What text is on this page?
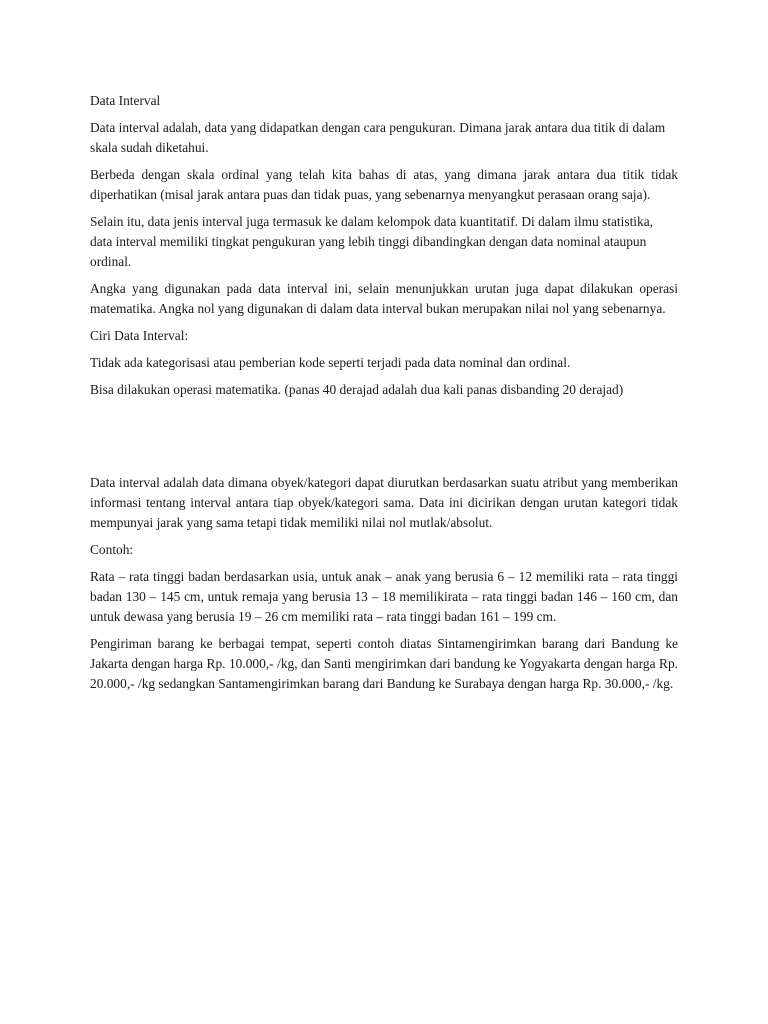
Data Interval

Data interval adalah, data yang didapatkan dengan cara pengukuran. Dimana jarak antara dua titik di dalam skala sudah diketahui.

Berbeda dengan skala ordinal yang telah kita bahas di atas, yang dimana jarak antara dua titik tidak diperhatikan (misal jarak antara puas dan tidak puas, yang sebenarnya menyangkut perasaan orang saja).

Selain itu, data jenis interval juga termasuk ke dalam kelompok data kuantitatif. Di dalam ilmu statistika, data interval memiliki tingkat pengukuran yang lebih tinggi dibandingkan dengan data nominal ataupun ordinal.

Angka yang digunakan pada data interval ini, selain menunjukkan urutan juga dapat dilakukan operasi matematika. Angka nol yang digunakan di dalam data interval bukan merupakan nilai nol yang sebenarnya.

Ciri Data Interval:

Tidak ada kategorisasi atau pemberian kode seperti terjadi pada data nominal dan ordinal.

Bisa dilakukan operasi matematika. (panas 40 derajad adalah dua kali panas disbanding 20 derajad)

Data interval adalah data dimana obyek/kategori dapat diurutkan berdasarkan suatu atribut yang memberikan informasi tentang interval antara tiap obyek/kategori sama. Data ini dicirikan dengan urutan kategori tidak mempunyai jarak yang sama tetapi tidak memiliki nilai nol mutlak/absolut.

Contoh:

Rata – rata tinggi badan berdasarkan usia, untuk anak – anak yang berusia 6 – 12 memiliki rata – rata tinggi badan 130 – 145 cm, untuk remaja yang berusia 13 – 18 memilikirata – rata tinggi badan 146 – 160 cm, dan untuk dewasa yang berusia 19 – 26 cm memiliki rata – rata tinggi badan 161 – 199 cm.

Pengiriman barang ke berbagai tempat, seperti contoh diatas Sintamengirimkan barang dari Bandung ke Jakarta dengan harga Rp. 10.000,- /kg, dan Santi mengirimkan dari bandung ke Yogyakarta dengan harga Rp. 20.000,- /kg sedangkan Santamengirimkan barang dari Bandung ke Surabaya dengan harga Rp. 30.000,- /kg.
